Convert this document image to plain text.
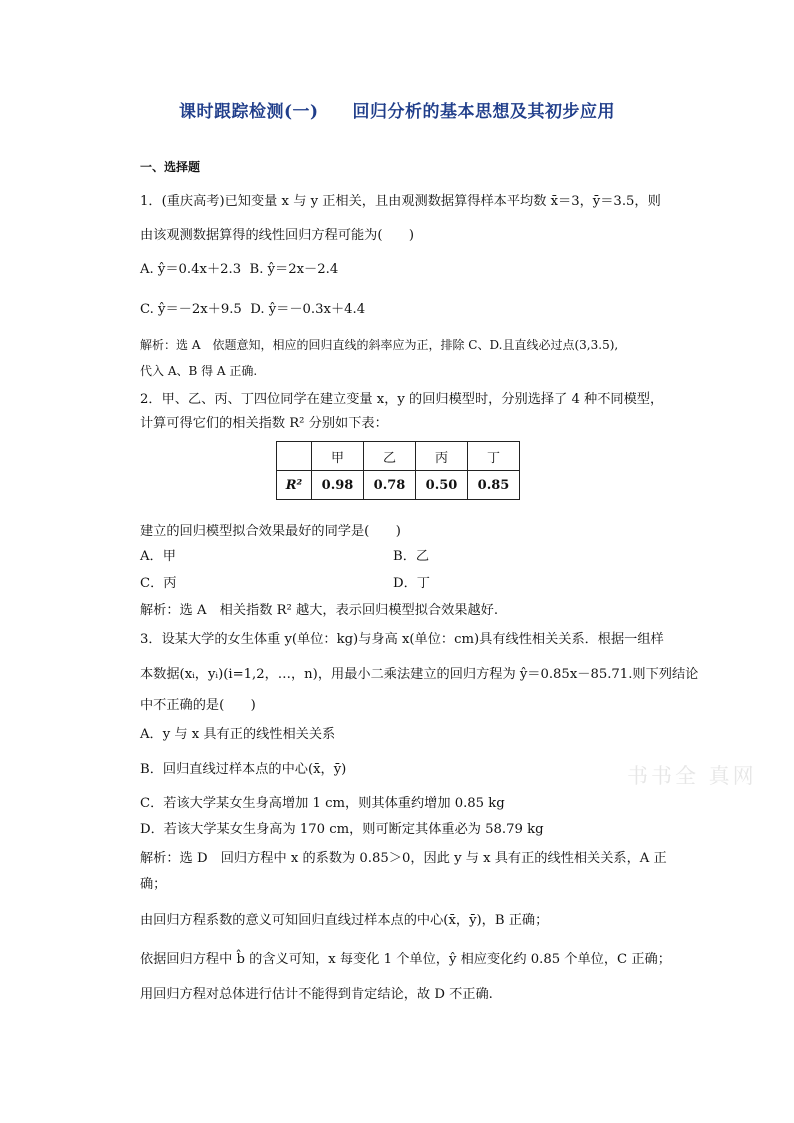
课时跟踪检测(一) 回归分析的基本思想及其初步应用
一、选择题
1．(重庆高考)已知变量 x 与 y 正相关，且由观测数据算得样本平均数 x̄＝3，ȳ＝3.5，则
由该观测数据算得的线性回归方程可能为(　　)
A. ŷ＝0.4x＋2.3 B. ŷ＝2x－2.4
C. ŷ＝－2x＋9.5 D. ŷ＝－0.3x＋4.4
解析：选 A　依题意知，相应的回归直线的斜率应为正，排除 C、D.且直线必过点(3,3.5),
代入 A、B 得 A 正确.
2．甲、乙、丙、丁四位同学在建立变量 x，y 的回归模型时，分别选择了 4 种不同模型，
计算可得它们的相关指数 R² 分别如下表：
	甲	乙	丙	丁
R²	0.98	0.78	0.50	0.85
建立的回归模型拟合效果最好的同学是(　　)
A．甲	B．乙
C．丙	D．丁
解析：选 A　相关指数 R² 越大，表示回归模型拟合效果越好.
3．设某大学的女生体重 y(单位：kg)与身高 x(单位：cm)具有线性相关关系．根据一组样
本数据(xᵢ，yᵢ)(i=1,2，…，n)，用最小二乘法建立的回归方程为 ŷ＝0.85x－85.71.则下列结论
中不正确的是(　　)
A．y 与 x 具有正的线性相关关系
B．回归直线过样本点的中心(x̄，ȳ)
C．若该大学某女生身高增加 1 cm，则其体重约增加 0.85 kg
D．若该大学某女生身高为 170 cm，则可断定其体重必为 58.79 kg
解析：选 D　回归方程中 x 的系数为 0.85＞0，因此 y 与 x 具有正的线性相关关系，A 正
确；
由回归方程系数的意义可知回归直线过样本点的中心(x̄，ȳ)，B 正确；
依据回归方程中 b̂ 的含义可知，x 每变化 1 个单位，ŷ 相应变化约 0.85 个单位，C 正确；
用回归方程对总体进行估计不能得到肯定结论，故 D 不正确.
书书全 真网
